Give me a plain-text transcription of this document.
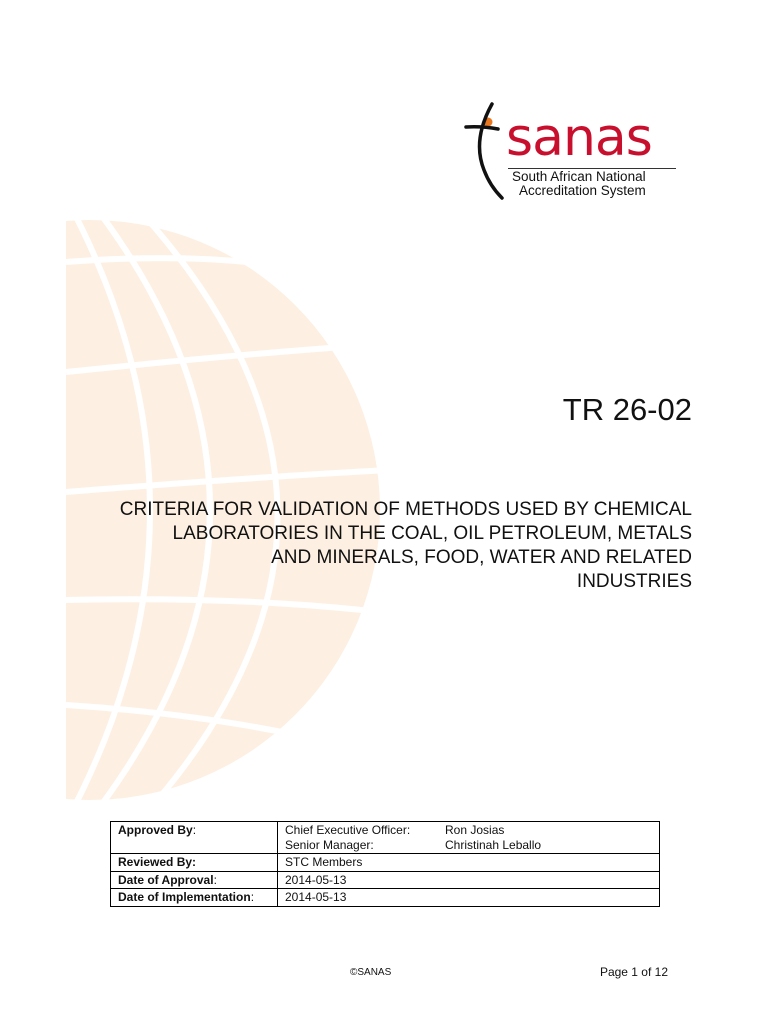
sanas
South African National
Accreditation System
TR 26-02
CRITERIA FOR VALIDATION OF METHODS USED BY CHEMICAL
LABORATORIES IN THE COAL, OIL PETROLEUM, METALS
AND MINERALS, FOOD, WATER AND RELATED
INDUSTRIES
Approved By:	Chief Executive Officer: Ron Josias
Senior Manager: Christinah Leballo

Reviewed By:	STC Members
Date of Approval:	2014-05-13
Date of Implementation:	2014-05-13
©SANAS	Page 1 of 12
